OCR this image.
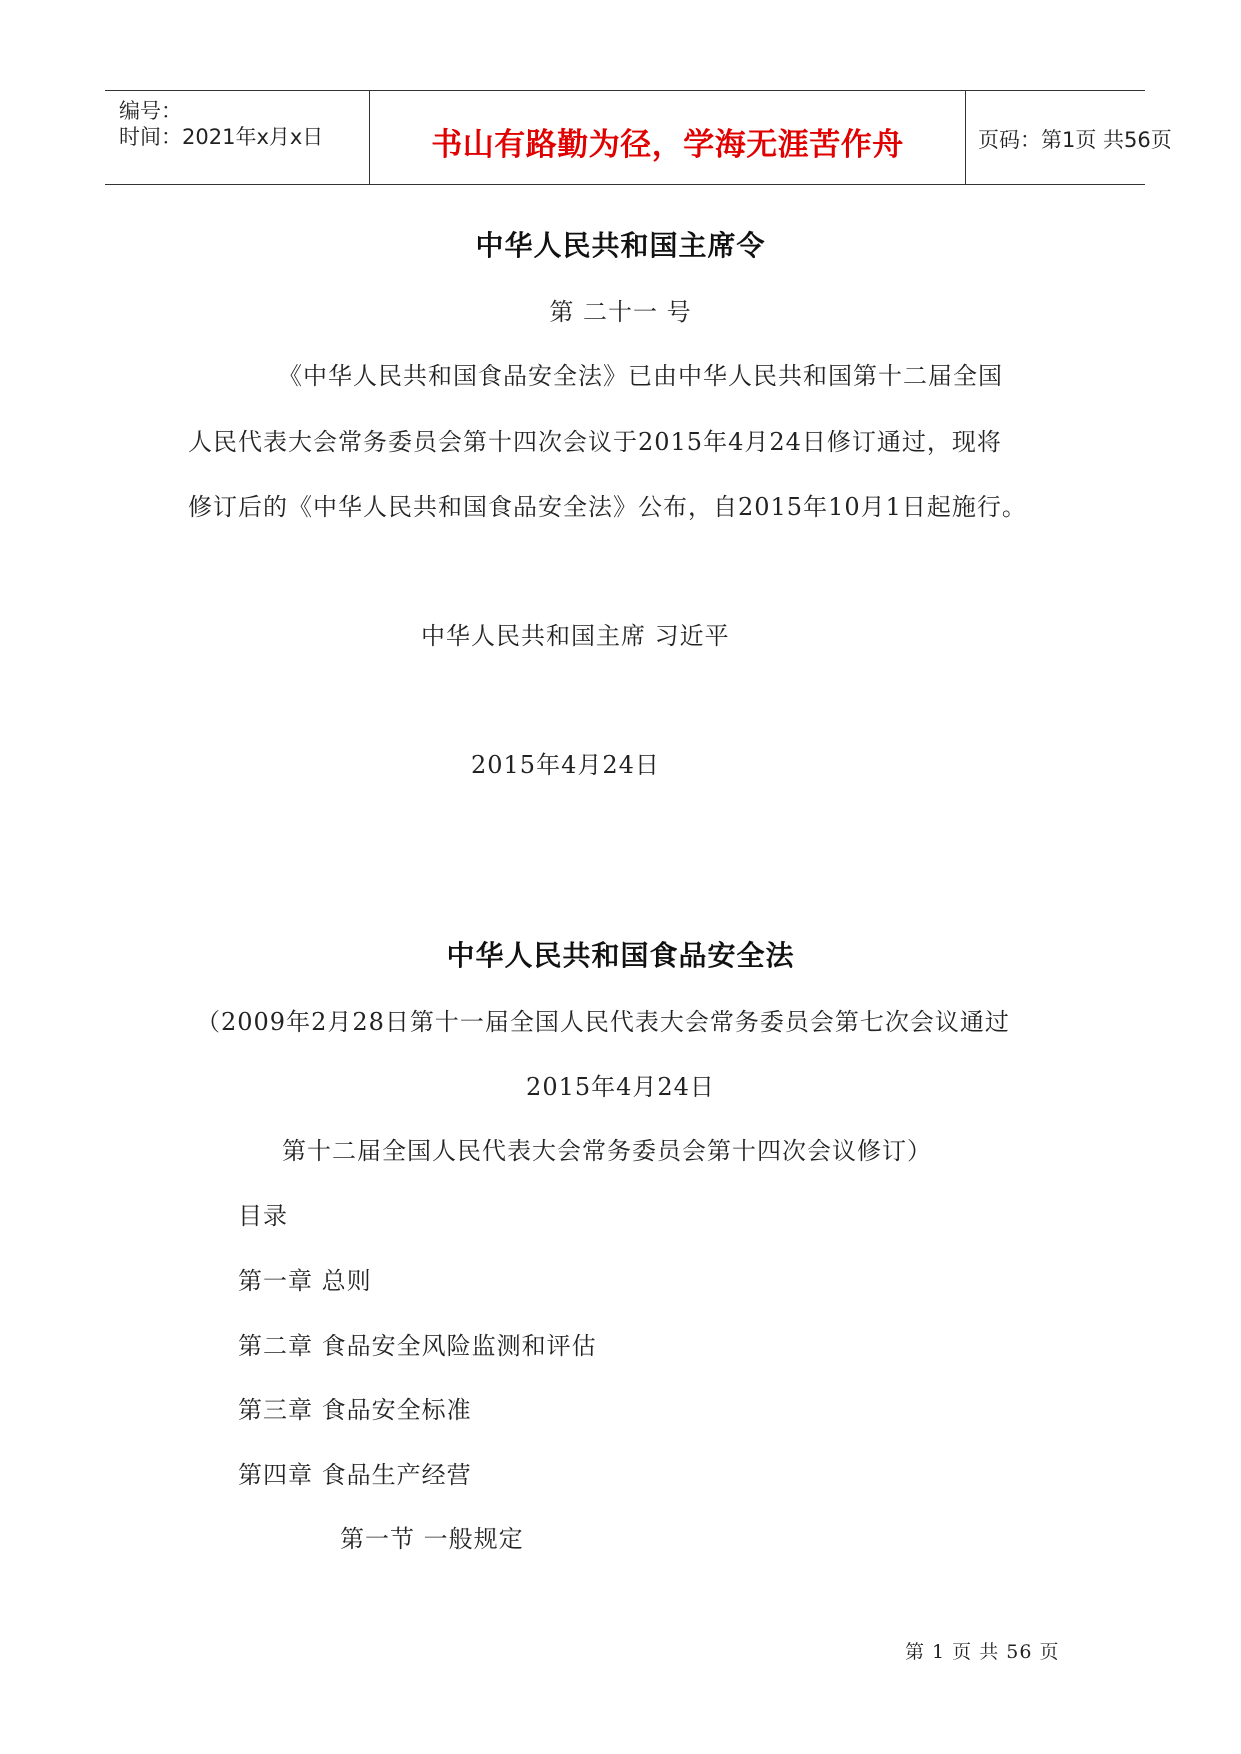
编号：
时间：2021年x月x日	书山有路勤为径，学海无涯苦作舟	页码：第1页 共56页
中华人民共和国主席令
第 二十一 号
《中华人民共和国食品安全法》已由中华人民共和国第十二届全国
人民代表大会常务委员会第十四次会议于2015年4月24日修订通过，现将
修订后的《中华人民共和国食品安全法》公布，自2015年10月1日起施行。
中华人民共和国主席 习近平
2015年4月24日
中华人民共和国食品安全法
（2009年2月28日第十一届全国人民代表大会常务委员会第七次会议通过
2015年4月24日
第十二届全国人民代表大会常务委员会第十四次会议修订）
目录
第一章 总则
第二章 食品安全风险监测和评估
第三章 食品安全标准
第四章 食品生产经营
第一节 一般规定
第 1 页 共 56 页
